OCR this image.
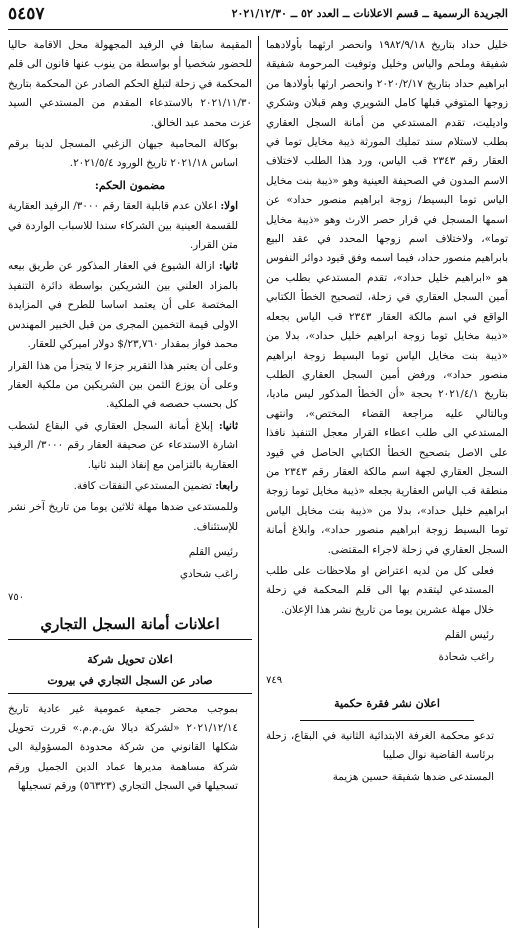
الجريدة الرسمية ــ قسم الاعلانات ــ العدد ٥٢ ــ ٢٠٢١/١٢/٣٠
٥٤٥٧

خليل حداد بتاريخ ١٩٨٢/٩/١٨ وانحصر ارثهما بأولادهما شفيقة وملحم والياس وخليل وتوفيت المرحومة شفيقة ابراهيم حداد بتاريخ ٢٠٢٠/٢/١٧ وانحصر ارثها بأولادها من زوجها المتوفي قبلها كامل الشويري وهم قبلان وشكري واديليت، تقدم المستدعي من أمانة السجل العقاري بطلب لاستلام سند تمليك المورثة ذيبة مخايل توما في العقار رقم ٢٣٤٣ قب الياس، ورد هذا الطلب لاختلاف الاسم المدون في الصحيفة العينية وهو «ذيبة بنت مخايل الياس توما البسيط/ زوجة ابراهيم منصور حداد» عن اسمها المسجل في قرار حصر الارث وهو «ذيبة مخايل توما»، ولاختلاف اسم زوجها المحدد في عقد البيع بابراهيم منصور حداد، فيما اسمه وفق قيود دوائر النفوس هو «ابراهيم خليل حداد»، تقدم المستدعي بطلب من أمين السجل العقاري في زحلة، لتصحيح الخطأ الكتابي الواقع في اسم مالكة العقار ٢٣٤٣ قب الياس بجعله «ذيبة مخايل توما زوجة ابراهيم خليل حداد»، بدلا من «ذيبة بنت مخايل الياس توما البسيط زوجة ابراهيم منصور حداد»، ورفض أمين السجل العقاري الطلب بتاريخ ٢٠٢١/٤/١ بحجة «أن الخطأ المذكور ليس ماديا، وبالتالي عليه مراجعة القضاء المختص»، وانتهى المستدعي الى طلب اعطاء القرار معجل التنفيذ نافذا على الاصل بتصحيح الخطأ الكتابي الحاصل في قيود السجل العقاري لجهة اسم مالكة العقار رقم ٢٣٤٣ من منطقة قب الياس العقارية بجعله «ذيبة مخايل توما زوجة ابراهيم خليل حداد»، بدلا من «ذيبة بنت مخايل الياس توما البسيط زوجة ابراهيم منصور حداد»، وابلاغ أمانة السجل العقاري في زحلة لاجراء المقتضى.

فعلى كل من لديه اعتراض او ملاحظات على طلب المستدعي ليتقدم بها الى قلم المحكمة في زحلة خلال مهلة عشرين يوما من تاريخ نشر هذا الإعلان.

رئيس القلم
راغب شحادة
٧٤٩
اعلان نشر فقرة حكمية

تدعو محكمة الغرفة الابتدائية الثانية في البقاع، زحلة برئاسة القاضية نوال صليبا

المستدعى ضدها شفيقة حسين هزيمة

المقيمة سابقا في الرفيد المجهولة محل الاقامة حاليا للحضور شخصيا أو بواسطة من ينوب عنها قانون الى قلم المحكمة في زحلة لتبلغ الحكم الصادر عن المحكمة بتاريخ ٢٠٢١/١١/٣٠ بالاستدعاء المقدم من المستدعي السيد عزت محمد عبد الخالق.

بوكالة المحامية جيهان الزغبي المسجل لدينا برقم اساس ٢٠٢١/١٨ تاريخ الورود ٢٠٢١/٥/٤.

مضمون الحكم:

اولا: اعلان عدم قابلية العقا رقم ٣٠٠٠/ الرفيد العقارية للقسمة العينية بين الشركاء سندا للاسباب الواردة في متن القرار.

ثانيا: ازالة الشيوع في العقار المذكور عن طريق بيعه بالمزاد العلني بين الشريكين بواسطة دائرة التنفيذ المختصة على أن يعتمد اساسا للطرح في المزايدة الاولى قيمة التخمين المجرى من قبل الخبير المهندس محمد فواز بمقدار ٢٣,٧٦٠/$ دولار اميركي للعقار.

وعلى أن يعتبر هذا التقرير جزءا لا يتجزأ من هذا القرار وعلى أن يوزع الثمن بين الشريكين من ملكية العقار كل بحسب حصصه في الملكية.

ثانيا: إبلاغ أمانة السجل العقاري في البقاع لشطب اشارة الاستدعاء عن صحيفة العقار رقم ٣٠٠٠/ الرفيد العقارية بالتزامن مع إنفاذ البند ثانيا.

رابعا: تضمين المستدعي النفقات كافة.

وللمستدعى ضدها مهلة ثلاثين يوما من تاريخ آخر نشر للإستئناف.

رئيس القلم
راغب شحادي
٧٥٠
اعلانات أمانة السجل التجاري
اعلان تحويل شركة
صادر عن السجل التجاري في بيروت

بموجب محضر جمعية عمومية غير عادية تاريخ ٢٠٢١/١٢/١٤ «لشركة ديالا ش.م.م.» قررت تحويل شكلها القانوني من شركة محدودة المسؤولية الى شركة مساهمة مديرها عماد الدين الجميل ورقم تسجيلها في السجل التجاري (٥٦٣٢٣) ورقم تسجيلها
